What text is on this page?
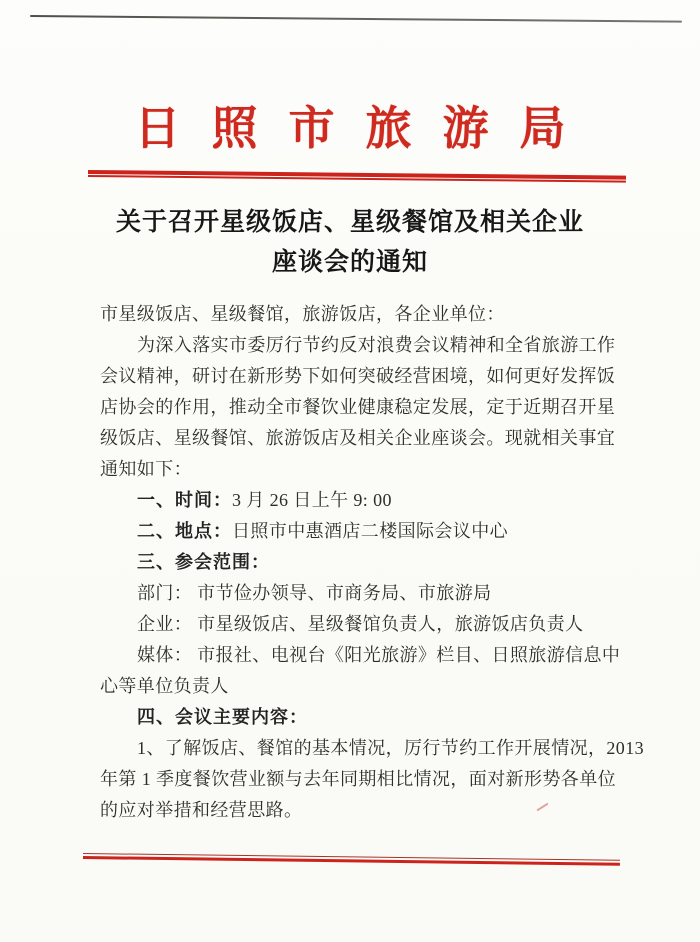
日照市旅游局
关于召开星级饭店、星级餐馆及相关企业
座谈会的通知
市星级饭店、星级餐馆，旅游饭店，各企业单位：
为深入落实市委厉行节约反对浪费会议精神和全省旅游工作
会议精神，研讨在新形势下如何突破经营困境，如何更好发挥饭
店协会的作用，推动全市餐饮业健康稳定发展，定于近期召开星
级饭店、星级餐馆、旅游饭店及相关企业座谈会。现就相关事宜
通知如下：
一、时间：3 月 26 日上午 9: 00
二、地点：日照市中惠酒店二楼国际会议中心
三、参会范围：
部门： 市节俭办领导、市商务局、市旅游局
企业： 市星级饭店、星级餐馆负责人，旅游饭店负责人
媒体： 市报社、电视台《阳光旅游》栏目、日照旅游信息中
心等单位负责人
四、会议主要内容：
1、了解饭店、餐馆的基本情况，厉行节约工作开展情况，2013
年第 1 季度餐饮营业额与去年同期相比情况，面对新形势各单位
的应对举措和经营思路。
